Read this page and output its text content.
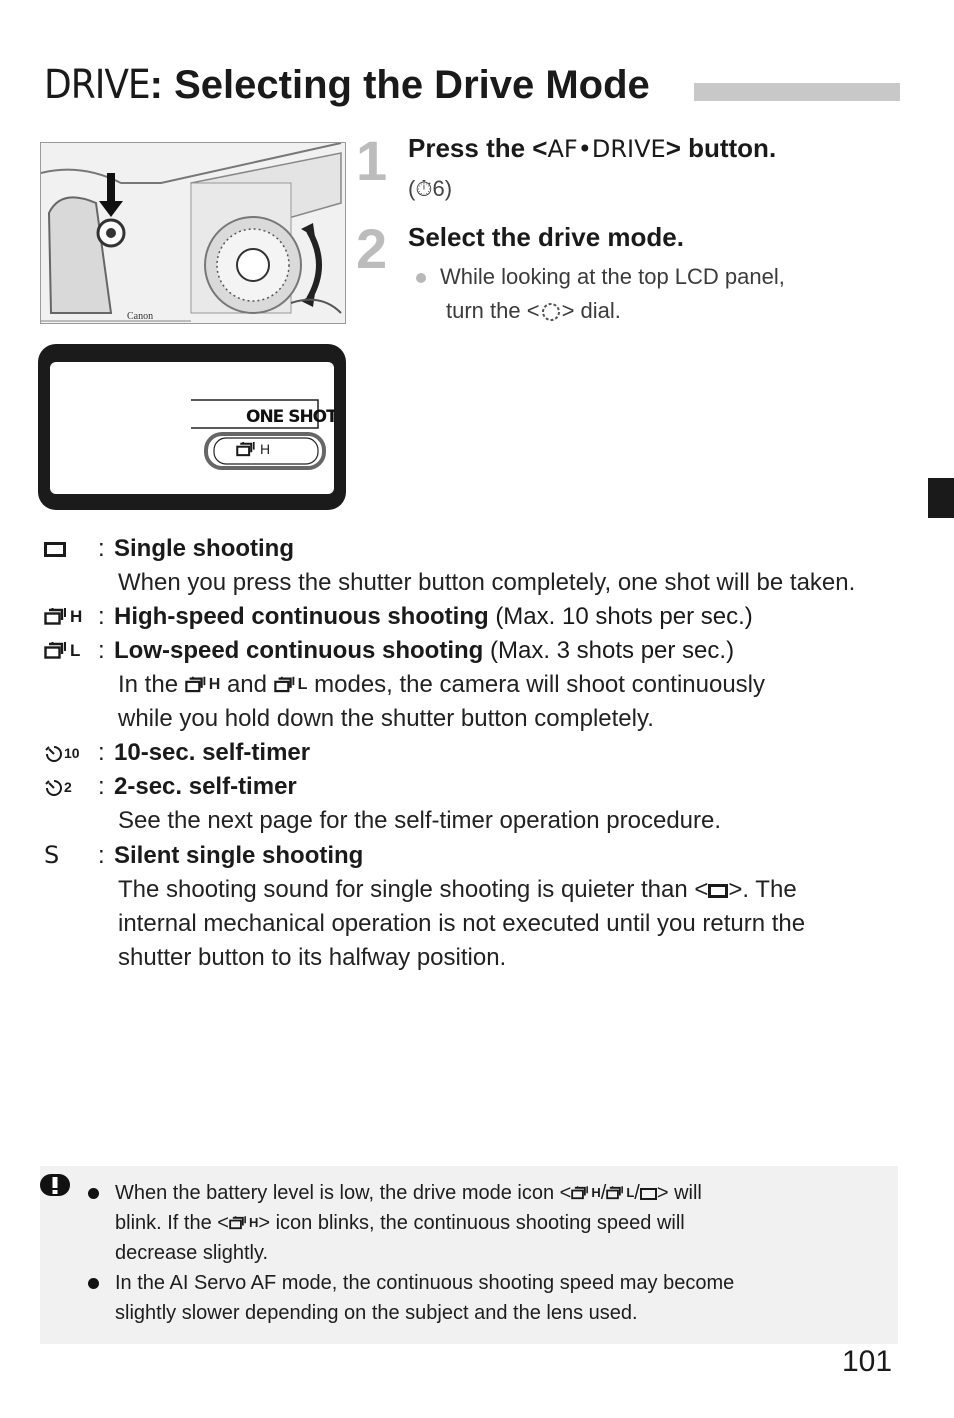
DRIVE: Selecting the Drive Mode
Canon
ONE SHOT
H
1 Press the <AF•DRIVE> button.
(⏱6)
2 Select the drive mode.
While looking at the top LCD panel,
turn the < > dial.
: Single shooting
When you press the shutter button completely, one shot will be taken.
$^H$ : High-speed continuous shooting (Max. 10 shots per sec.)
L : Low-speed continuous shooting (Max. 3 shots per sec.)
In the $^H$ and L modes, the camera will shoot continuously
while you hold down the shutter button completely.
$^{10}$ : 10-sec. self-timer
2 : 2-sec. self-timer
See the next page for the self-timer operation procedure.
S : Silent single shooting
The shooting sound for single shooting is quieter than < >. The
internal mechanical operation is not executed until you return the
shutter button to its halfway position.
When the battery level is low, the drive mode icon < $^H$/ L/ > will
blink. If the < $^H$> icon blinks, the continuous shooting speed will
decrease slightly.
In the AI Servo AF mode, the continuous shooting speed may become
slightly slower depending on the subject and the lens used.
101
